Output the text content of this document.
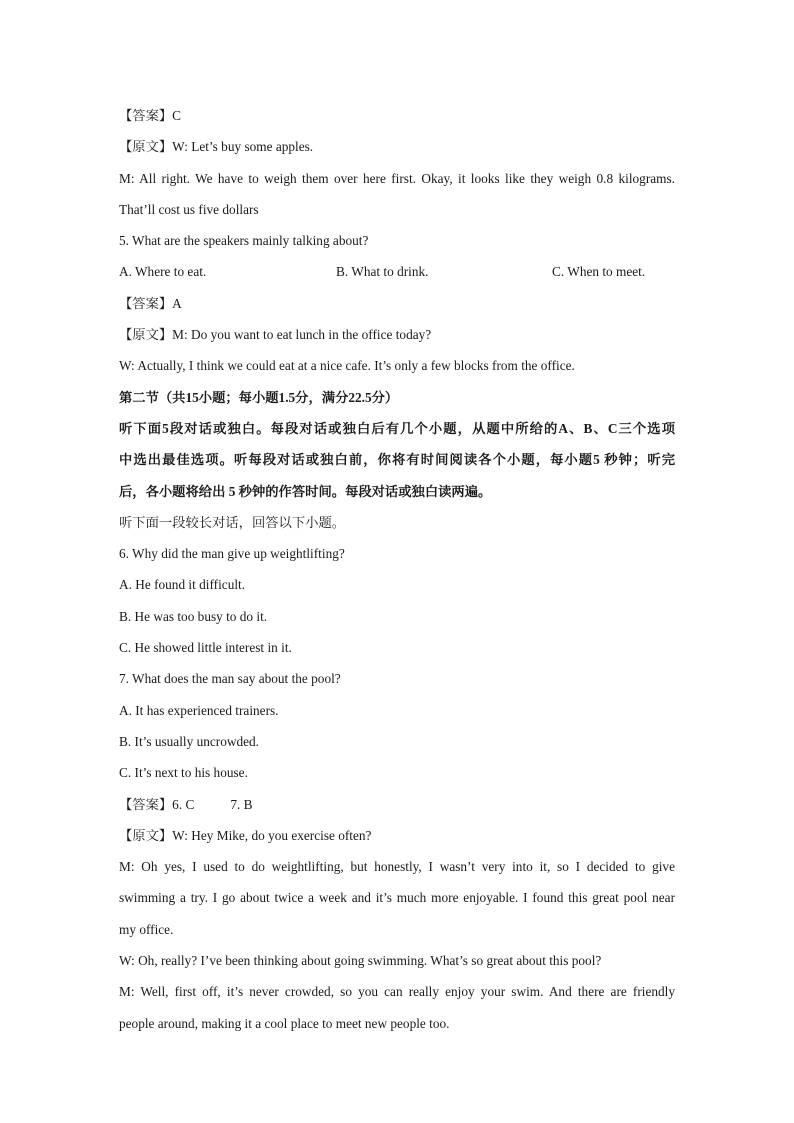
【答案】C
【原文】W: Let’s buy some apples.
M: All right. We have to weigh them over here first. Okay, it looks like they weigh 0.8 kilograms.
That’ll cost us five dollars
5. What are the speakers mainly talking about?
A. Where to eat.	B. What to drink.	C. When to meet.
【答案】A
【原文】M: Do you want to eat lunch in the office today?
W: Actually, I think we could eat at a nice cafe. It’s only a few blocks from the office.
第二节（共15小题；每小题1.5分，满分22.5分）
听下面5段对话或独白。每段对话或独白后有几个小题，从题中所给的A、B、C三个选项
中选出最佳选项。听每段对话或独白前，你将有时间阅读各个小题，每小题5 秒钟；听完
后，各小题将给出 5 秒钟的作答时间。每段对话或独白读两遍。
听下面一段较长对话，回答以下小题。
6. Why did the man give up weightlifting?
A. He found it difficult.
B. He was too busy to do it.
C. He showed little interest in it.
7. What does the man say about the pool?
A. It has experienced trainers.
B. It’s usually uncrowded.
C. It’s next to his house.
【答案】6. C	7. B
【原文】W: Hey Mike, do you exercise often?
M: Oh yes, I used to do weightlifting, but honestly, I wasn’t very into it, so I decided to give
swimming a try. I go about twice a week and it’s much more enjoyable. I found this great pool near
my office.
W: Oh, really? I’ve been thinking about going swimming. What’s so great about this pool?
M: Well, first off, it’s never crowded, so you can really enjoy your swim. And there are friendly
people around, making it a cool place to meet new people too.
